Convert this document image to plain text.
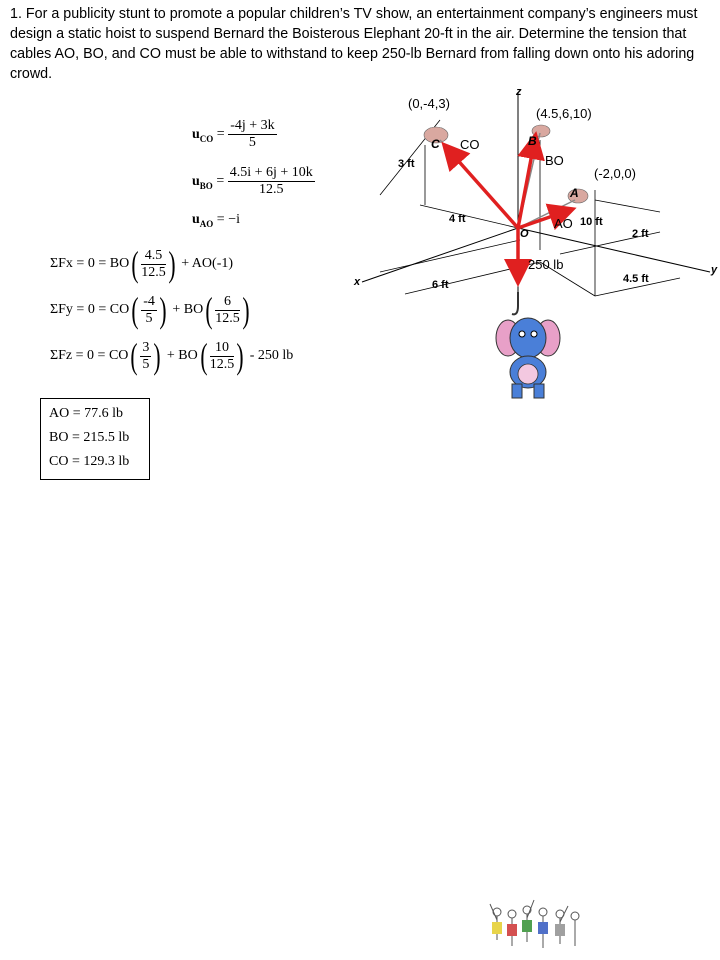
1. For a publicity stunt to promote a popular children’s TV show, an entertainment company’s engineers must design a static hoist to suspend Bernard the Boisterous Elephant 20-ft in the air. Determine the tension that cables AO, BO, and CO must be able to withstand to keep 250-lb Bernard from falling down onto his adoring crowd.

$u_{CO} = \frac{-4j + 3k}{5}$
$u_{BO} = \frac{4.5i + 6j + 10k}{12.5}$
$u_{AO} = -i$
$\Sigma Fx = 0 = BO( \frac{4.5}{12.5}$ ) + AO(-1)
$\Sigma Fy = 0 = CO( \frac{-4}{5}$ ) + $BO( \frac{6}{12.5}$ )
$\Sigma Fz = 0 = CO( \frac{3}{5}$ ) + $BO( \frac{10}{12.5}$ ) - 250 lb
AO = 77.6 lb
BO = 215.5 lb
CO = 129.3 lb
(0,-4,3)
(4.5,6,10)
(-2,0,0)
CO
BO
AO
250 lb
z
x
y
C	B
A
O
3 ft
4 ft	10 ft
2 ft
6 ft	4.5 ft
